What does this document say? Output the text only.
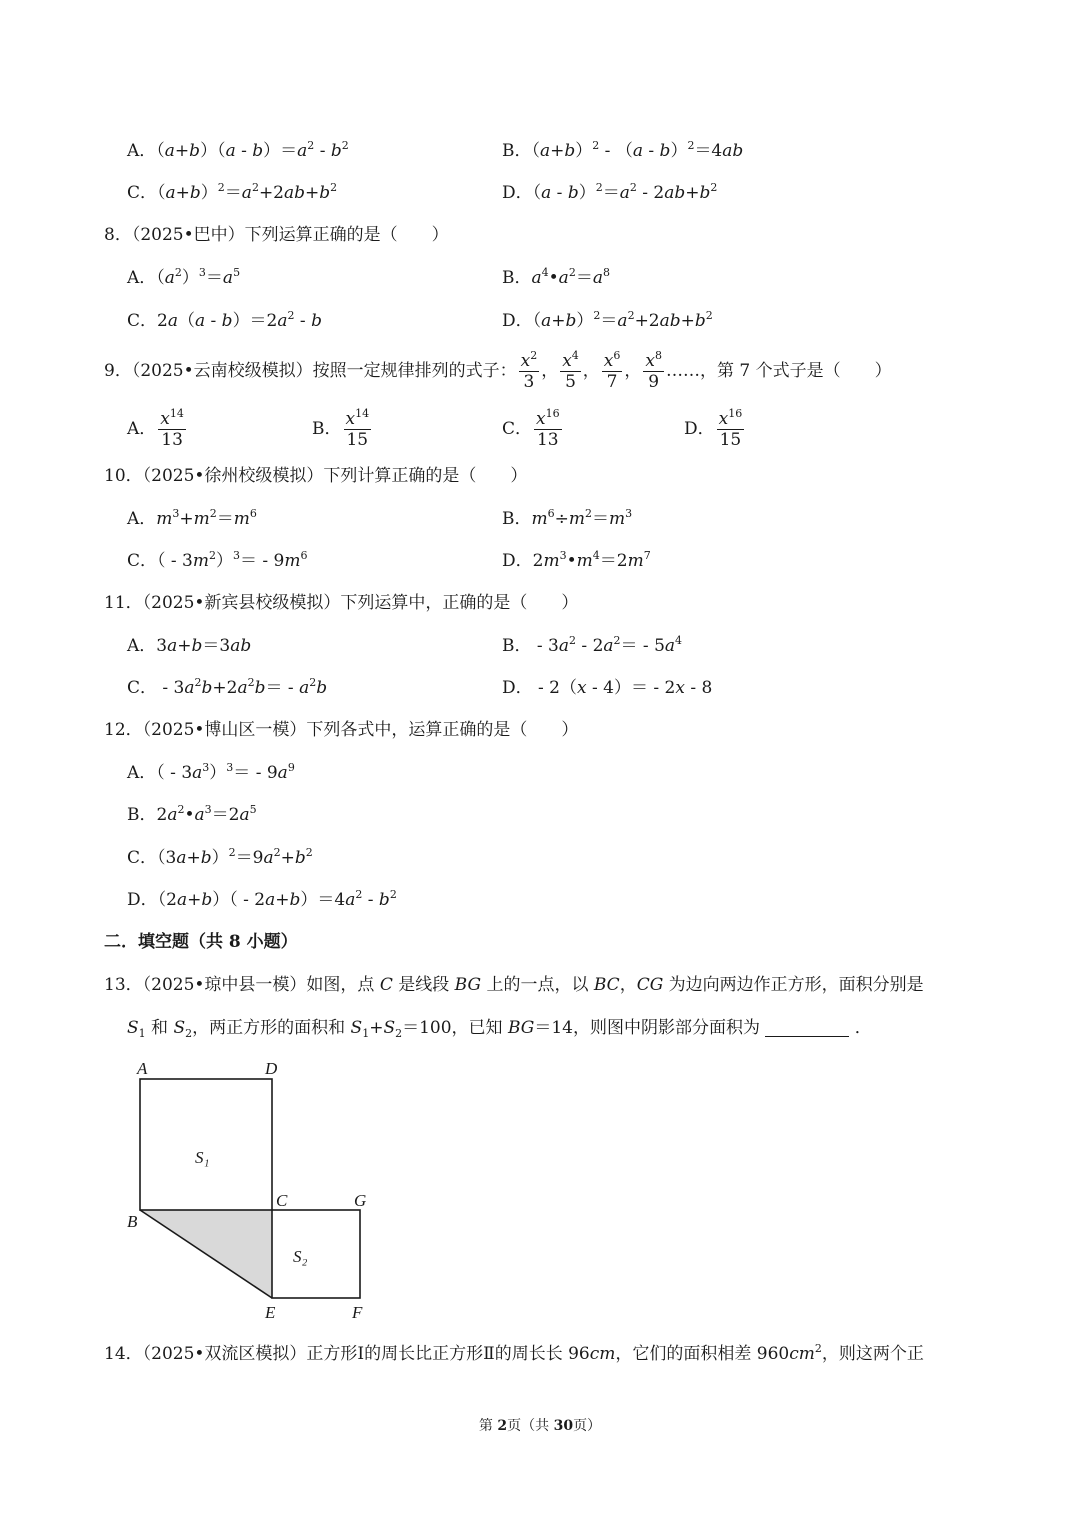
A．$(a+b)(a - b)=a^2 - b^2$	B．$(a+b)^2 - (a - b)^2=4ab$
C．$(a+b)^2=a^2+2ab+b^2$	D．$(a - b)^2=a^2 - 2ab+b^2$
8．（2025•巴中）下列运算正确的是（　　）
A．$(a^2)^3=a^5$	B．$a^4•a^2=a^8$
C．$2a(a - b)=2a^2 - b$	D．$(a+b)^2=a^2+2ab+b^2$
9．（2025•云南校级模拟）按照一定规律排列的式子： $\frac{x^2}{3}$ ， $\frac{x^4}{5}$ ， $\frac{x^6}{7}$ ， $\frac{x^8}{9}$ ……，第 7 个式子是（　　）
A． $\frac{x^{14}}{13}$	B． $\frac{x^{14}}{15}$	C． $\frac{x^{16}}{13}$	D． $\frac{x^{16}}{15}$
10．（2025•徐州校级模拟）下列计算正确的是（　　）
A．$m^3+m^2=m^6$	B．$m^6\div m^2=m^3$
C．（ - $3m^2)^3= - 9m^6$	D．$2m^3•m^4=2m^7$
11．（2025•新宾县校级模拟）下列运算中，正确的是（　　）
A．3a+b＝3ab	B． - $3a^2 - 2a^2= - 5a^4$
C． - $3a^2b+2a^2b= - a^2b$	D． - 2（x - 4）＝ - 2x - 8
12．（2025•博山区一模）下列各式中，运算正确的是（　　）
A．（ - $3a^3)^3= - 9a^9$
B．$2a^2•a^3=2a^5$
C．$(3a+b)^2=9a^2+b^2$
D．$(2a+b)( - 2a+b)=4a^2 - b^2$
二．填空题（共 8 小题）
13．（2025•琼中县一模）如图，点 C 是线段 BG 上的一点，以 BC，CG 为边向两边作正方形，面积分别是
$S_1$ 和 $S_2$，两正方形的面积和 $S_1+S_2=100$，已知 BG＝14，则图中阴影部分面积为	．
A	D
B
C	G
E	F
S₁
S₂
14．（2025•双流区模拟）正方形Ⅰ的周长比正方形Ⅱ的周长长 96cm，它们的面积相差 $960cm^2$，则这两个正
第 2页（共 30页）
